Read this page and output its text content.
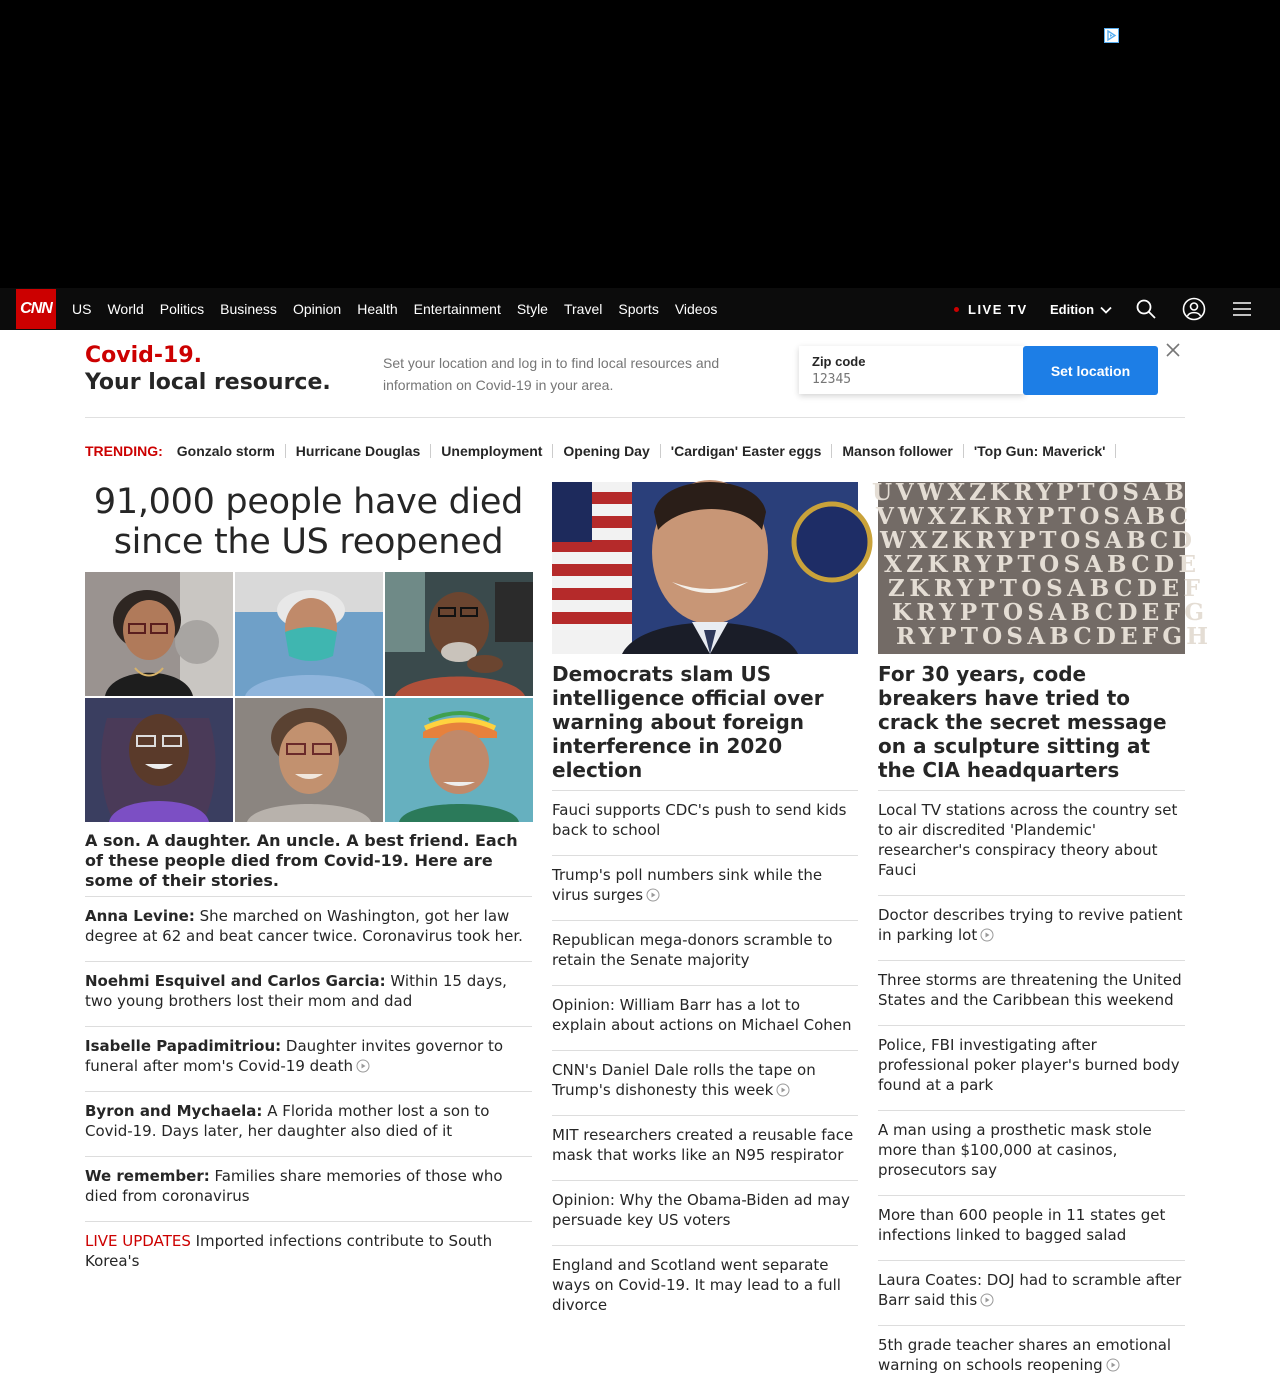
CNN	US	World	Politics	Business	Opinion	Health	Entertainment	Style	Travel	Sports	Videos	LIVE TV Edition
Covid-19.
Your local resource.
Set your location and log in to find local resources and information on Covid-19 in your area.
Zip code
12345
Set location
TRENDING:	Gonzalo storm	Hurricane Douglas	Unemployment	Opening Day	'Cardigan' Easter eggs	Manson follower	'Top Gun: Maverick'
91,000 people have died since the US reopened
A son. A daughter. An uncle. A best friend. Each of these people died from Covid-19. Here are some of their stories.
Anna Levine: She marched on Washington, got her law degree at 62 and beat cancer twice. Coronavirus took her.
Noehmi Esquivel and Carlos Garcia: Within 15 days, two young brothers lost their mom and dad
Isabelle Papadimitriou: Daughter invites governor to funeral after mom's Covid-19 death
Byron and Mychaela: A Florida mother lost a son to Covid-19. Days later, her daughter also died of it
We remember: Families share memories of those who died from coronavirus
LIVE UPDATES Imported infections contribute to South Korea's
Democrats slam US intelligence official over warning about foreign interference in 2020 election
Fauci supports CDC's push to send kids back to school
Trump's poll numbers sink while the virus surges
Republican mega-donors scramble to retain the Senate majority
Opinion: William Barr has a lot to explain about actions on Michael Cohen
CNN's Daniel Dale rolls the tape on Trump's dishonesty this week
MIT researchers created a reusable face mask that works like an N95 respirator
Opinion: Why the Obama-Biden ad may persuade key US voters
England and Scotland went separate ways on Covid-19. It may lead to a full divorce
UVWXZKRYPTOSAB
VWXZKRYPTOSABC
WXZKRYPTOSABCD
XZKRYPTOSABCDE
ZKRYPTOSABCDEF
KRYPTOSABCDEFG
RYPTOSABCDEFGH
For 30 years, code breakers have tried to crack the secret message on a sculpture sitting at the CIA headquarters
Local TV stations across the country set to air discredited 'Plandemic' researcher's conspiracy theory about Fauci
Doctor describes trying to revive patient in parking lot
Three storms are threatening the United States and the Caribbean this weekend
Police, FBI investigating after professional poker player's burned body found at a park
A man using a prosthetic mask stole more than $100,000 at casinos, prosecutors say
More than 600 people in 11 states get infections linked to bagged salad
Laura Coates: DOJ had to scramble after Barr said this
5th grade teacher shares an emotional warning on schools reopening
